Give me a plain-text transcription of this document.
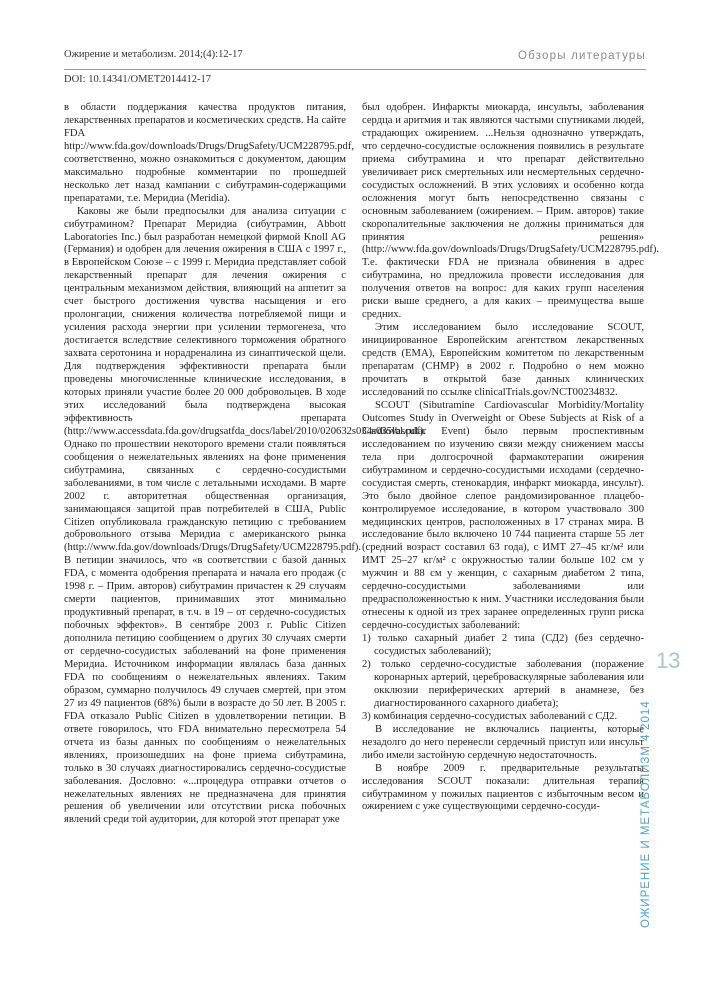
Ожирение и метаболизм. 2014;(4):12-17	Обзоры литературы
DOI: 10.14341/OMET2014412-17

в области поддержания качества продуктов питания, лекарственных препаратов и косметических средств. На сайте FDA http://www.fda.gov/downloads/Drugs/DrugSafety/UCM228795.pdf, соответственно, можно ознакомиться с документом, дающим максимально подробные комментарии по прошедшей несколько лет назад кампании с сибутрамин-содержащими препаратами, т.е. Меридиа (Meridia).

Каковы же были предпосылки для анализа ситуации с сибутрамином? Препарат Меридиа (сибутрамин, Abbott Laboratories Inc.) был разработан немецкой фирмой Knoll AG (Германия) и одобрен для лечения ожирения в США с 1997 г., в Европейском Союзе – с 1999 г. Меридиа представляет собой лекарственный препарат для лечения ожирения с центральным механизмом действия, влияющий на аппетит за счет быстрого достижения чувства насыщения и его пролонгации, снижения количества потребляемой пищи и усиления расхода энергии при усилении термогенеза, что достигается вследствие селективного торможения обратного захвата серотонина и норадреналина из синаптической щели. Для подтверждения эффективности препарата были проведены многочисленные клинические исследования, в которых приняли участие более 20 000 добровольцев. В ходе этих исследований была подтверждена высокая эффективность препарата (http://www.accessdata.fda.gov/drugsatfda_docs/label/2010/020632s034s035lbl.pdf). Однако по прошествии некоторого времени стали появляться сообщения о нежелательных явлениях на фоне применения сибутрамина, связанных с сердечно-сосудистыми заболеваниями, в том числе с летальными исходами. В марте 2002 г. авторитетная общественная организация, занимающаяся защитой прав потребителей в США, Public Citizen опубликовала гражданскую петицию с требованием добровольного отзыва Меридиа с американского рынка (http://www.fda.gov/downloads/Drugs/DrugSafety/UCM228795.pdf). В петиции значилось, что «в соответствии с базой данных FDA, с момента одобрения препарата и начала его продаж (с 1998 г. – Прим. авторов) сибутрамин причастен к 29 случаям смерти пациентов, принимавших этот минимально продуктивный препарат, в т.ч. в 19 – от сердечно-сосудистых побочных эффектов». В сентябре 2003 г. Public Citizen дополнила петицию сообщением о других 30 случаях смерти от сердечно-сосудистых заболеваний на фоне применения Меридиа. Источником информации являлась база данных FDA по сообщениям о нежелательных явлениях. Таким образом, суммарно получилось 49 случаев смертей, при этом 27 из 49 пациентов (68%) были в возрасте до 50 лет. В 2005 г. FDA отказало Public Citizen в удовлетворении петиции. В ответе говорилось, что FDA внимательно пересмотрела 54 отчета из базы данных по сообщениям о нежелательных явлениях, произошедших на фоне приема сибутрамина, только в 30 случаях диагностировались сердечно-сосудистые заболевания. Дословно: «...процедура отправки отчетов о нежелательных явлениях не предназначена для принятия решения об увеличении или отсутствии риска побочных явлений среди той аудитории, для которой этот препарат уже

был одобрен. Инфаркты миокарда, инсульты, заболевания сердца и аритмия и так являются частыми спутниками людей, страдающих ожирением. ...Нельзя однозначно утверждать, что сердечно-сосудистые осложнения появились в результате приема сибутрамина и что препарат действительно увеличивает риск смертельных или несмертельных сердечно-сосудистых осложнений. В этих условиях и особенно когда осложнения могут быть непосредственно связаны с основным заболеванием (ожирением. – Прим. авторов) такие скоропалительные заключения не должны приниматься для принятия решения» (http://www.fda.gov/downloads/Drugs/DrugSafety/UCM228795.pdf). Т.е. фактически FDA не признала обвинения в адрес сибутрамина, но предложила провести исследования для получения ответов на вопрос: для каких групп населения риски выше среднего, а для каких – преимущества выше средних.

Этим исследованием было исследование SCOUT, инициированное Европейским агентством лекарственных средств (EMA), Европейским комитетом по лекарственным препаратам (CHMP) в 2002 г. Подробно о нем можно прочитать в открытой базе данных клинических исследований по ссылке clinicalTrials.gov/NCT00234832.

SCOUT (Sibutramine Cardiovascular Morbidity/Mortality Outcomes Study in Overweight or Obese Subjects at Risk of a Cardiovascular Event) было первым проспективным исследованием по изучению связи между снижением массы тела при долгосрочной фармакотерапии ожирения сибутрамином и сердечно-сосудистыми исходами (сердечно-сосудистая смерть, стенокардия, инфаркт миокарда, инсульт). Это было двойное слепое рандомизированное плацебо-контролируемое исследование, в котором участвовало 300 медицинских центров, расположенных в 17 странах мира. В исследование было включено 10 744 пациента старше 55 лет (средний возраст составил 63 года), с ИМТ 27–45 кг/м² или ИМТ 25–27 кг/м² с окружностью талии больше 102 см у мужчин и 88 см у женщин, с сахарным диабетом 2 типа, сердечно-сосудистыми заболеваниями или предрасположенностью к ним. Участники исследования были отнесены к одной из трех заранее определенных групп риска сердечно-сосудистых заболеваний:

1) только сахарный диабет 2 типа (СД2) (без сердечно-сосудистых заболеваний);
2) только сердечно-сосудистые заболевания (поражение коронарных артерий, цереброваскулярные заболевания или окклюзии периферических артерий в анамнезе, без диагностированного сахарного диабета);
3) комбинация сердечно-сосудистых заболеваний с СД2.

В исследование не включались пациенты, которые незадолго до него перенесли сердечный приступ или инсульт либо имели застойную сердечную недостаточность.

В ноябре 2009 г. предварительные результаты исследования SCOUT показали: длительная терапия сибутрамином у пожилых пациентов с избыточным весом и ожирением с уже существующими сердечно-сосуди-

13
ОЖИРЕНИЕ И МЕТАБОЛИЗМ 4’2014
